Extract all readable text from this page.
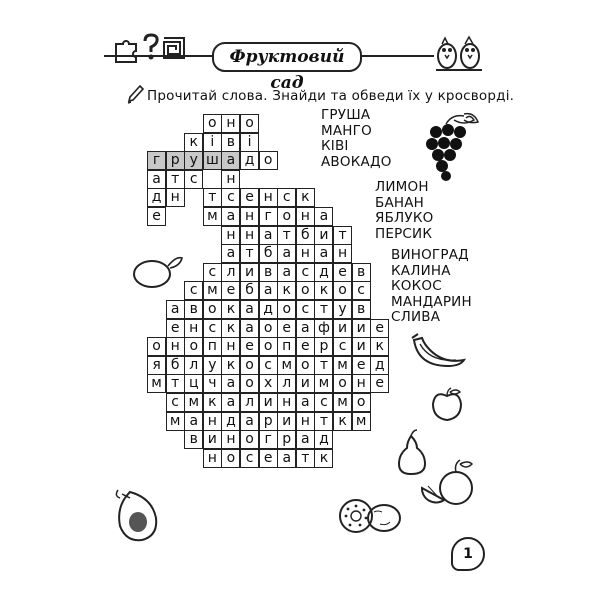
Фруктовий сад
Прочитай слова. Знайди та обведи їх у кросворді.
о н о
к і в і
г р у ш а д о
а т с	н
д н	т с е н с к
е	м а н г о н а
н н а т б и т
а т б а н а н
с л и в а с д е в
с м е б а к о к о с
а в о к а д о с т у в
е н с к а о е а ф и и е
о н о п н е о п е р с и к
я б л у к о с м о т м е д
м т ц ч а о х л и м о н е
с м к а л и н а с м о
м а н д а р и н т к м
в и н о г р а д
н о с е а т к
ГРУША
МАНГО
КІВІ
АВОКАДО
ЛИМОН
БАНАН
ЯБЛУКО
ПЕРСИК
ВИНОГРАД
КАЛИНА
КОКОС
МАНДАРИН
СЛИВА
1
